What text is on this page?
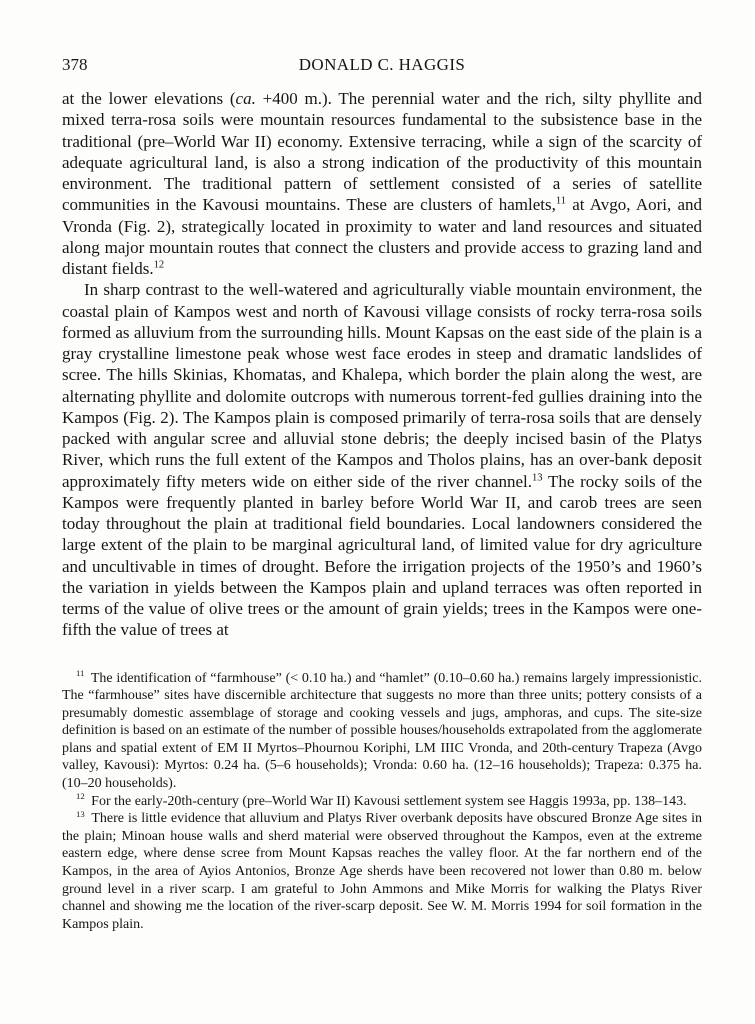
378	DONALD C. HAGGIS

at the lower elevations (ca. +400 m.). The perennial water and the rich, silty phyllite and mixed terra-rosa soils were mountain resources fundamental to the subsistence base in the traditional (pre–World War II) economy. Extensive terracing, while a sign of the scarcity of adequate agricultural land, is also a strong indication of the productivity of this mountain environment. The traditional pattern of settlement consisted of a series of satellite communities in the Kavousi mountains. These are clusters of hamlets,$^{11}$ at Avgo, Aori, and Vronda (Fig. 2), strategically located in proximity to water and land resources and situated along major mountain routes that connect the clusters and provide access to grazing land and distant fields.$^{12}$

In sharp contrast to the well-watered and agriculturally viable mountain environment, the coastal plain of Kampos west and north of Kavousi village consists of rocky terra-rosa soils formed as alluvium from the surrounding hills. Mount Kapsas on the east side of the plain is a gray crystalline limestone peak whose west face erodes in steep and dramatic landslides of scree. The hills Skinias, Khomatas, and Khalepa, which border the plain along the west, are alternating phyllite and dolomite outcrops with numerous torrent-fed gullies draining into the Kampos (Fig. 2). The Kampos plain is composed primarily of terra-rosa soils that are densely packed with angular scree and alluvial stone debris; the deeply incised basin of the Platys River, which runs the full extent of the Kampos and Tholos plains, has an over-bank deposit approximately fifty meters wide on either side of the river channel.$^{13}$ The rocky soils of the Kampos were frequently planted in barley before World War II, and carob trees are seen today throughout the plain at traditional field boundaries. Local landowners considered the large extent of the plain to be marginal agricultural land, of limited value for dry agriculture and uncultivable in times of drought. Before the irrigation projects of the 1950’s and 1960’s the variation in yields between the Kampos plain and upland terraces was often reported in terms of the value of olive trees or the amount of grain yields; trees in the Kampos were one-fifth the value of trees at

$^{11}$ The identification of “farmhouse” (< 0.10 ha.) and “hamlet” (0.10–0.60 ha.) remains largely impressionistic. The “farmhouse” sites have discernible architecture that suggests no more than three units; pottery consists of a presumably domestic assemblage of storage and cooking vessels and jugs, amphoras, and cups. The site-size definition is based on an estimate of the number of possible houses/households extrapolated from the agglomerate plans and spatial extent of EM II Myrtos–Phournou Koriphi, LM IIIC Vronda, and 20th-century Trapeza (Avgo valley, Kavousi): Myrtos: 0.24 ha. (5–6 households); Vronda: 0.60 ha. (12–16 households); Trapeza: 0.375 ha. (10–20 households).

$^{12}$ For the early-20th-century (pre–World War II) Kavousi settlement system see Haggis 1993a, pp. 138–143.

$^{13}$ There is little evidence that alluvium and Platys River overbank deposits have obscured Bronze Age sites in the plain; Minoan house walls and sherd material were observed throughout the Kampos, even at the extreme eastern edge, where dense scree from Mount Kapsas reaches the valley floor. At the far northern end of the Kampos, in the area of Ayios Antonios, Bronze Age sherds have been recovered not lower than 0.80 m. below ground level in a river scarp. I am grateful to John Ammons and Mike Morris for walking the Platys River channel and showing me the location of the river-scarp deposit. See W. M. Morris 1994 for soil formation in the Kampos plain.
